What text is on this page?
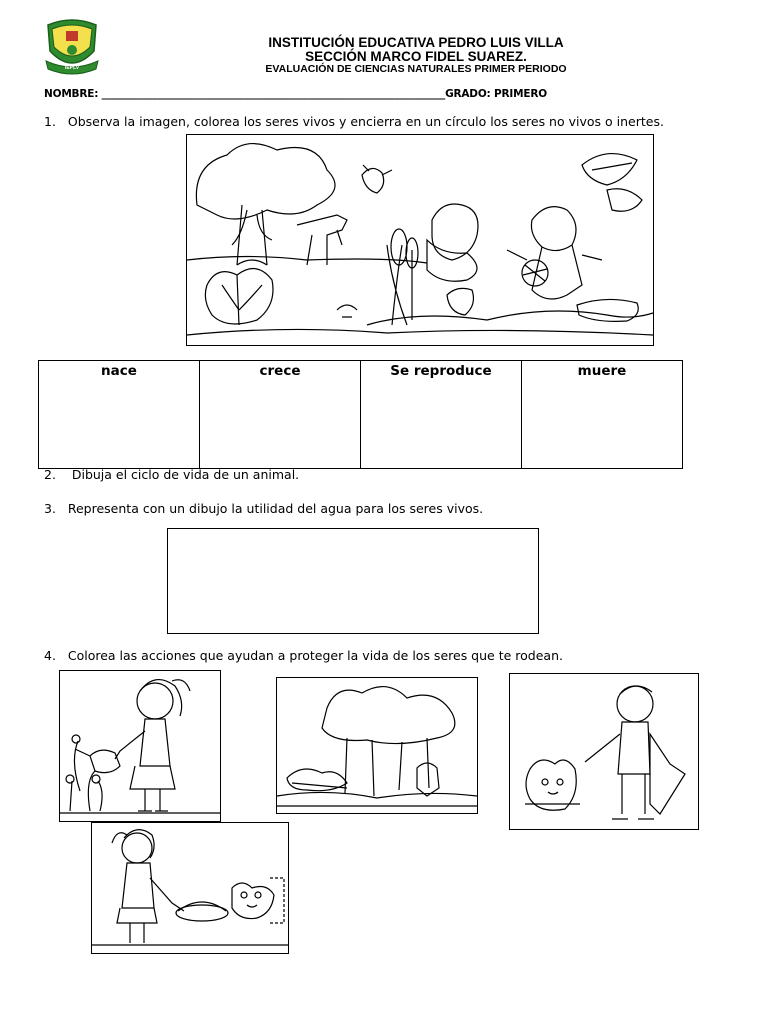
IEPLV
INSTITUCIÓN EDUCATIVA PEDRO LUIS VILLA
SECCIÓN MARCO FIDEL SUAREZ.
EVALUACIÓN DE CIENCIAS NATURALES PRIMER PERIODO
NOMBRE: ____________________________________________________________________GRADO: PRIMERO
1. Observa la imagen, colorea los seres vivos y encierra en un círculo los seres no vivos o inertes.
nace	crece	Se reproduce	muere
2. Dibuja el ciclo de vida de un animal.
3. Representa con un dibujo la utilidad del agua para los seres vivos.
4. Colorea las acciones que ayudan a proteger la vida de los seres que te rodean.
